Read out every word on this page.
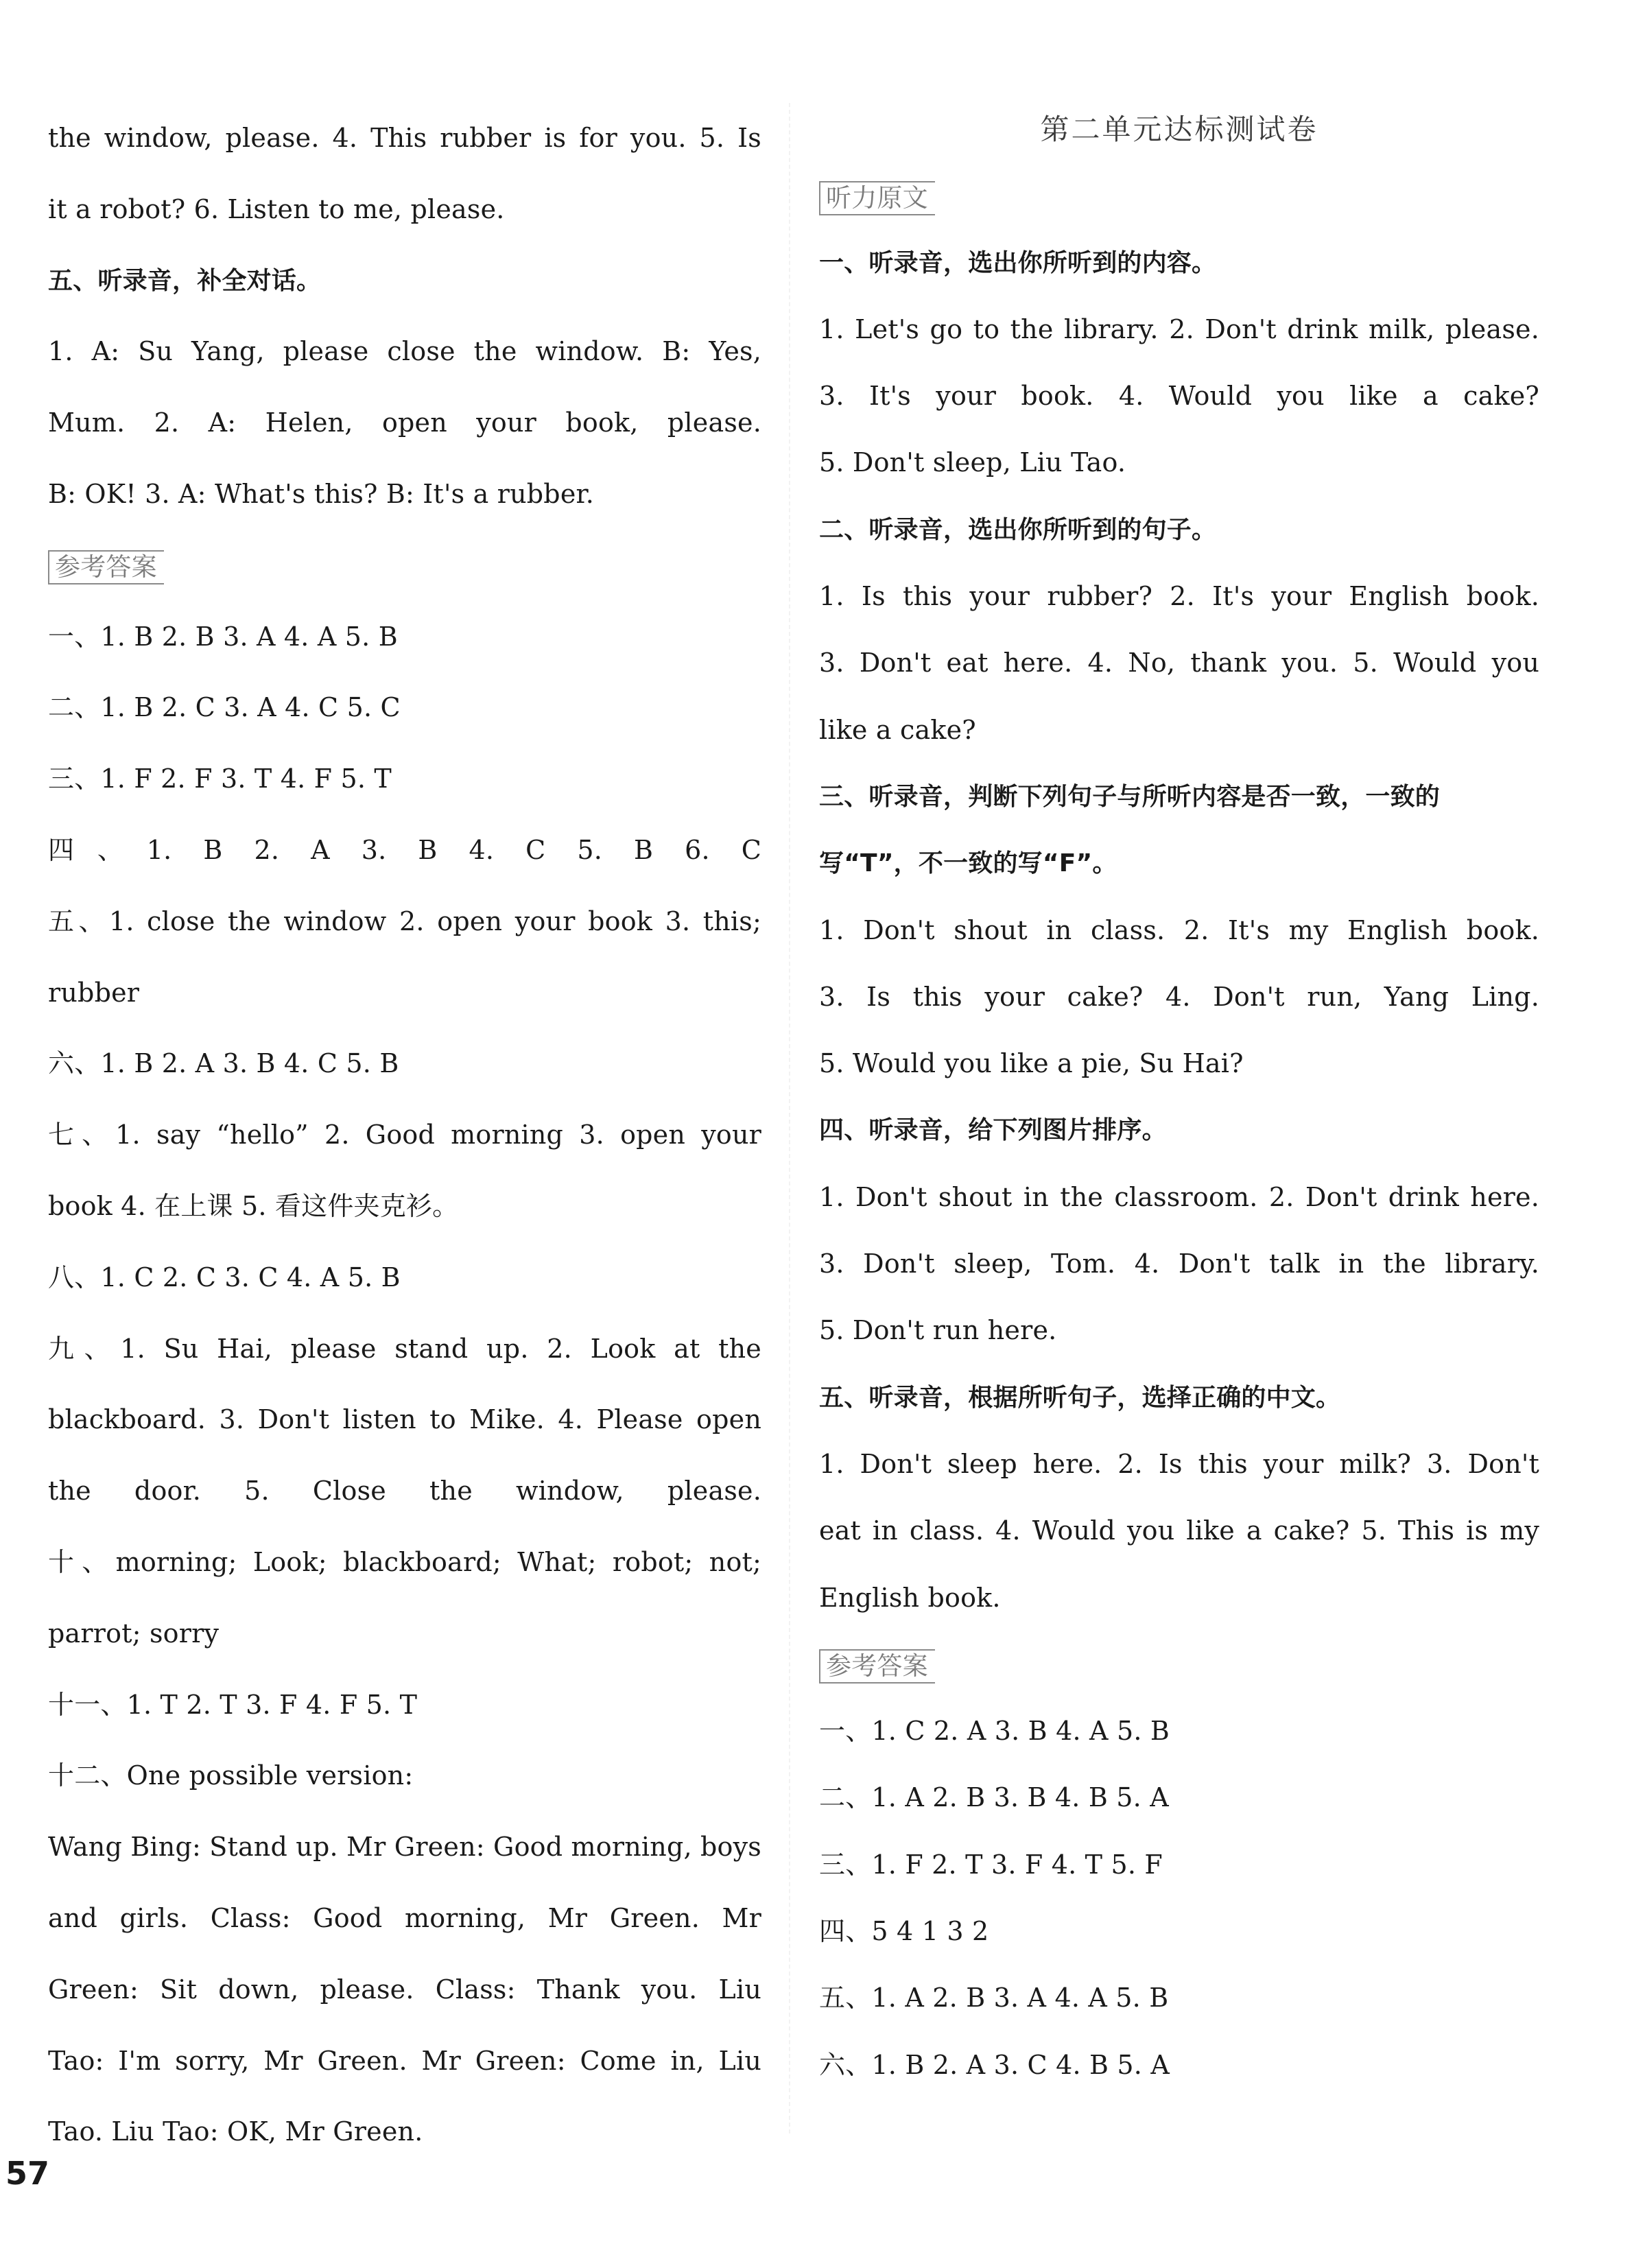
the window, please. 4. This rubber is for you. 5. Is
it a robot? 6. Listen to me, please.
五、听录音，补全对话。
1. A: Su Yang, please close the window. B: Yes,
Mum. 2. A: Helen, open your book, please.
B: OK! 3. A: What's this? B: It's a rubber.
参考答案
一、1. B 2. B 3. A 4. A 5. B
二、1. B 2. C 3. A 4. C 5. C
三、1. F 2. F 3. T 4. F 5. T
四、1. B 2. A 3. B 4. C 5. B 6. C
五、1. close the window 2. open your book 3. this;
rubber
六、1. B 2. A 3. B 4. C 5. B
七、1. say “hello” 2. Good morning 3. open your
book 4. 在上课 5. 看这件夹克衫。
八、1. C 2. C 3. C 4. A 5. B
九、1. Su Hai, please stand up. 2. Look at the
blackboard. 3. Don't listen to Mike. 4. Please open
the door. 5. Close the window, please.
十、morning; Look; blackboard; What; robot; not;
parrot; sorry
十一、1. T 2. T 3. F 4. F 5. T
十二、One possible version:
Wang Bing: Stand up. Mr Green: Good morning, boys
and girls. Class: Good morning, Mr Green. Mr
Green: Sit down, please. Class: Thank you. Liu
Tao: I'm sorry, Mr Green. Mr Green: Come in, Liu
Tao. Liu Tao: OK, Mr Green.
第二单元达标测试卷
听力原文
一、听录音，选出你所听到的内容。
1. Let's go to the library. 2. Don't drink milk, please.
3. It's your book. 4. Would you like a cake?
5. Don't sleep, Liu Tao.
二、听录音，选出你所听到的句子。
1. Is this your rubber? 2. It's your English book.
3. Don't eat here. 4. No, thank you. 5. Would you
like a cake?
三、听录音，判断下列句子与所听内容是否一致，一致的
写“T”，不一致的写“F”。
1. Don't shout in class. 2. It's my English book.
3. Is this your cake? 4. Don't run, Yang Ling.
5. Would you like a pie, Su Hai?
四、听录音，给下列图片排序。
1. Don't shout in the classroom. 2. Don't drink here.
3. Don't sleep, Tom. 4. Don't talk in the library.
5. Don't run here.
五、听录音，根据所听句子，选择正确的中文。
1. Don't sleep here. 2. Is this your milk? 3. Don't
eat in class. 4. Would you like a cake? 5. This is my
English book.
参考答案
一、1. C 2. A 3. B 4. A 5. B
二、1. A 2. B 3. B 4. B 5. A
三、1. F 2. T 3. F 4. T 5. F
四、5 4 1 3 2
五、1. A 2. B 3. A 4. A 5. B
六、1. B 2. A 3. C 4. B 5. A
57
